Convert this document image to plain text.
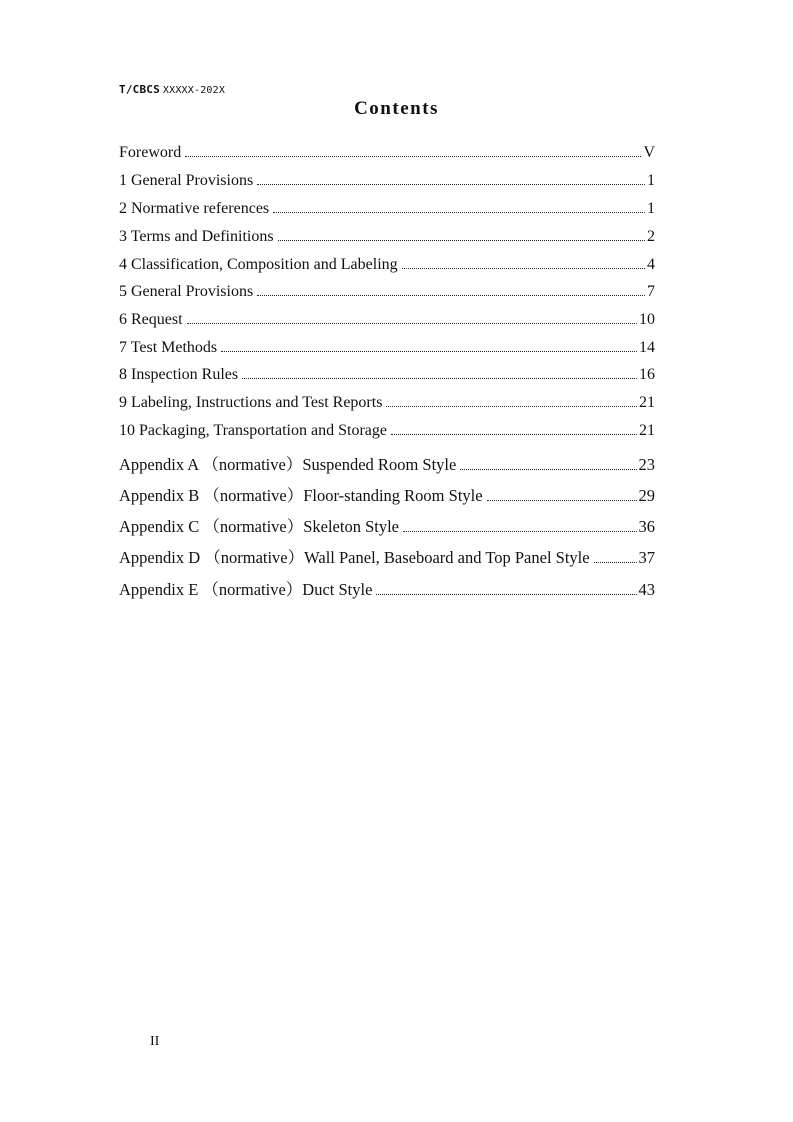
T/CBCS XXXXX-202X
Contents
Foreword	V
1 General Provisions	1
2 Normative references	1
3 Terms and Definitions	2
4 Classification, Composition and Labeling	4
5 General Provisions	7
6 Request	10
7 Test Methods	14
8 Inspection Rules	16
9 Labeling, Instructions and Test Reports	21
10 Packaging, Transportation and Storage	21
Appendix A （normative）Suspended Room Style	23
Appendix B （normative）Floor-standing Room Style	29
Appendix C （normative）Skeleton Style	36
Appendix D （normative）Wall Panel, Baseboard and Top Panel Style	37
Appendix E （normative）Duct Style	43
II
